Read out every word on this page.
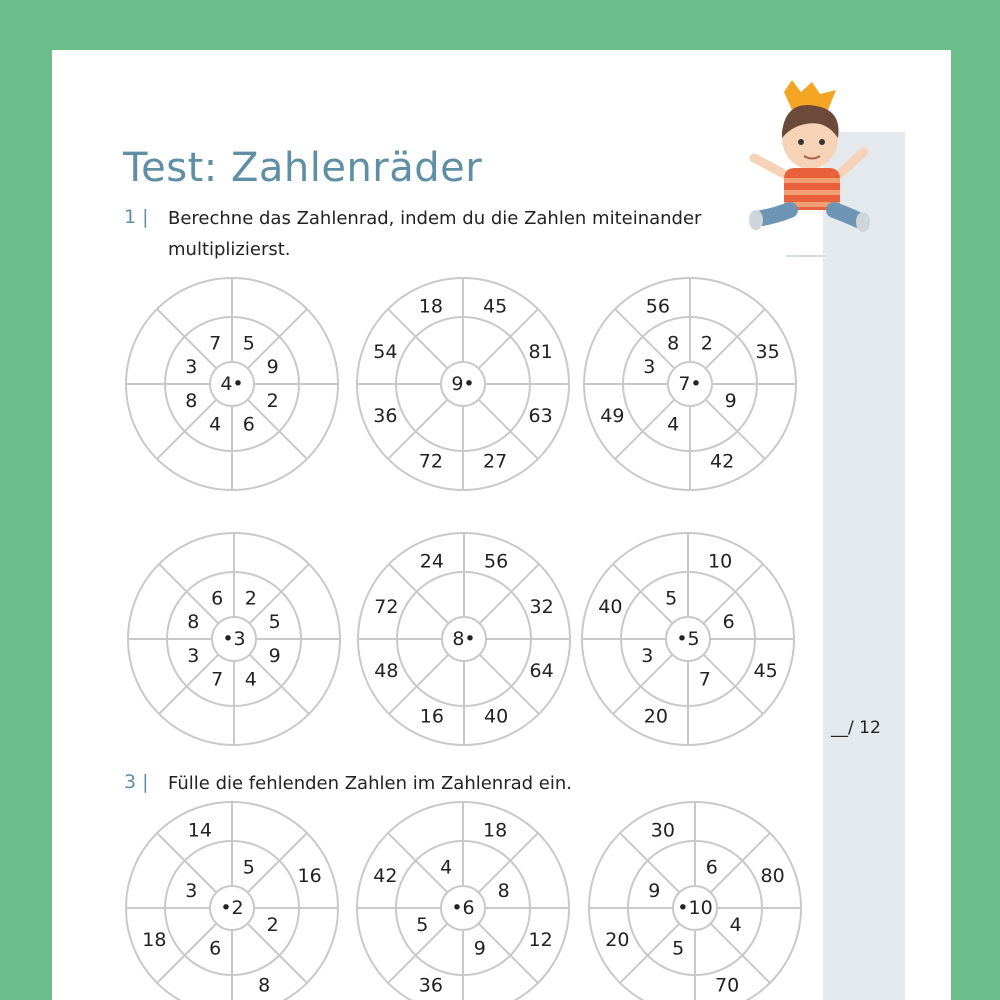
Test: Zahlenräder
1 | Berechne das Zahlenrad, indem du die Zahlen miteinander multiplizierst.
3 | Fülle die fehlenden Zahlen im Zahlenrad ein.
__/ 12
4•
5
9
2
6
4
8
3
7
9•
45
81
63
27
72
36
54
18
7•
2 35
9
42
4
49
3
8
56
•3
2
5
9
4
7
3
8
6
8•
56
32
64
40
16
48
72
24
•5
10
6
45
7
20
3
40 5
•2
5 16
2
8
6
18
3
14
•6
18
8
12
9
36
5
42 4
•10
6 80
4
70
5
20
9
30
